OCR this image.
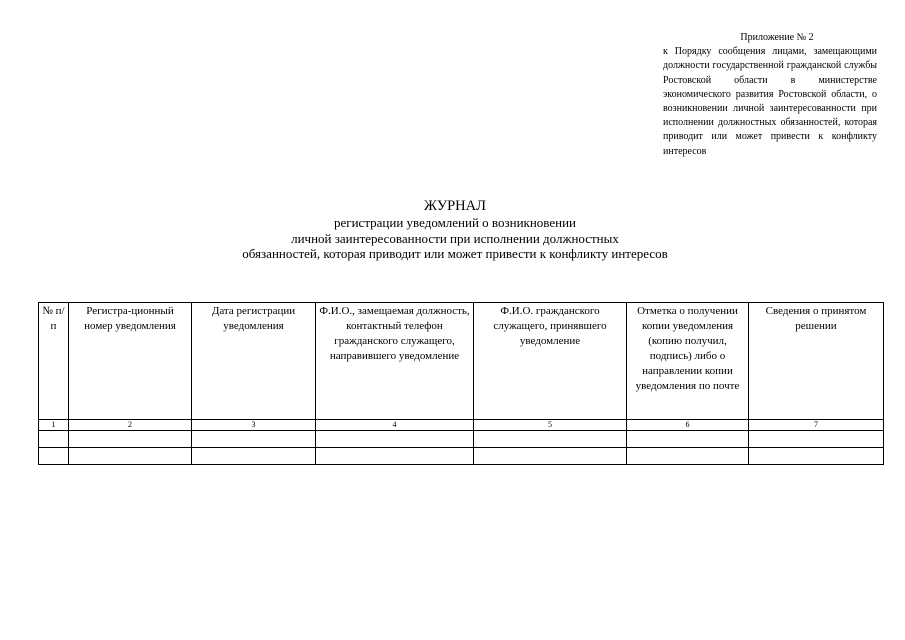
Приложение № 2
к Порядку сообщения лицами, замещающими должности государственной гражданской службы Ростовской области в министерстве экономического развития Ростовской области, о возникновении личной заинтересованности при исполнении должностных обязанностей, которая приводит или может привести к конфликту интересов
ЖУРНАЛ
регистрации уведомлений о возникновении
личной заинтересованности при исполнении должностных
обязанностей, которая приводит или может привести к конфликту интересов
№ п/п	Регистра-ционный номер уведомления	Дата регистрации уведомления	Ф.И.О., замещаемая должность, контактный телефон гражданского служащего, направившего уведомление	Ф.И.О. гражданского служащего, принявшего уведомление	Отметка о получении копии уведомления (копию получил, подпись) либо о направлении копии уведомления по почте	Сведения о принятом решении
1	2	3	4	5	6	7
